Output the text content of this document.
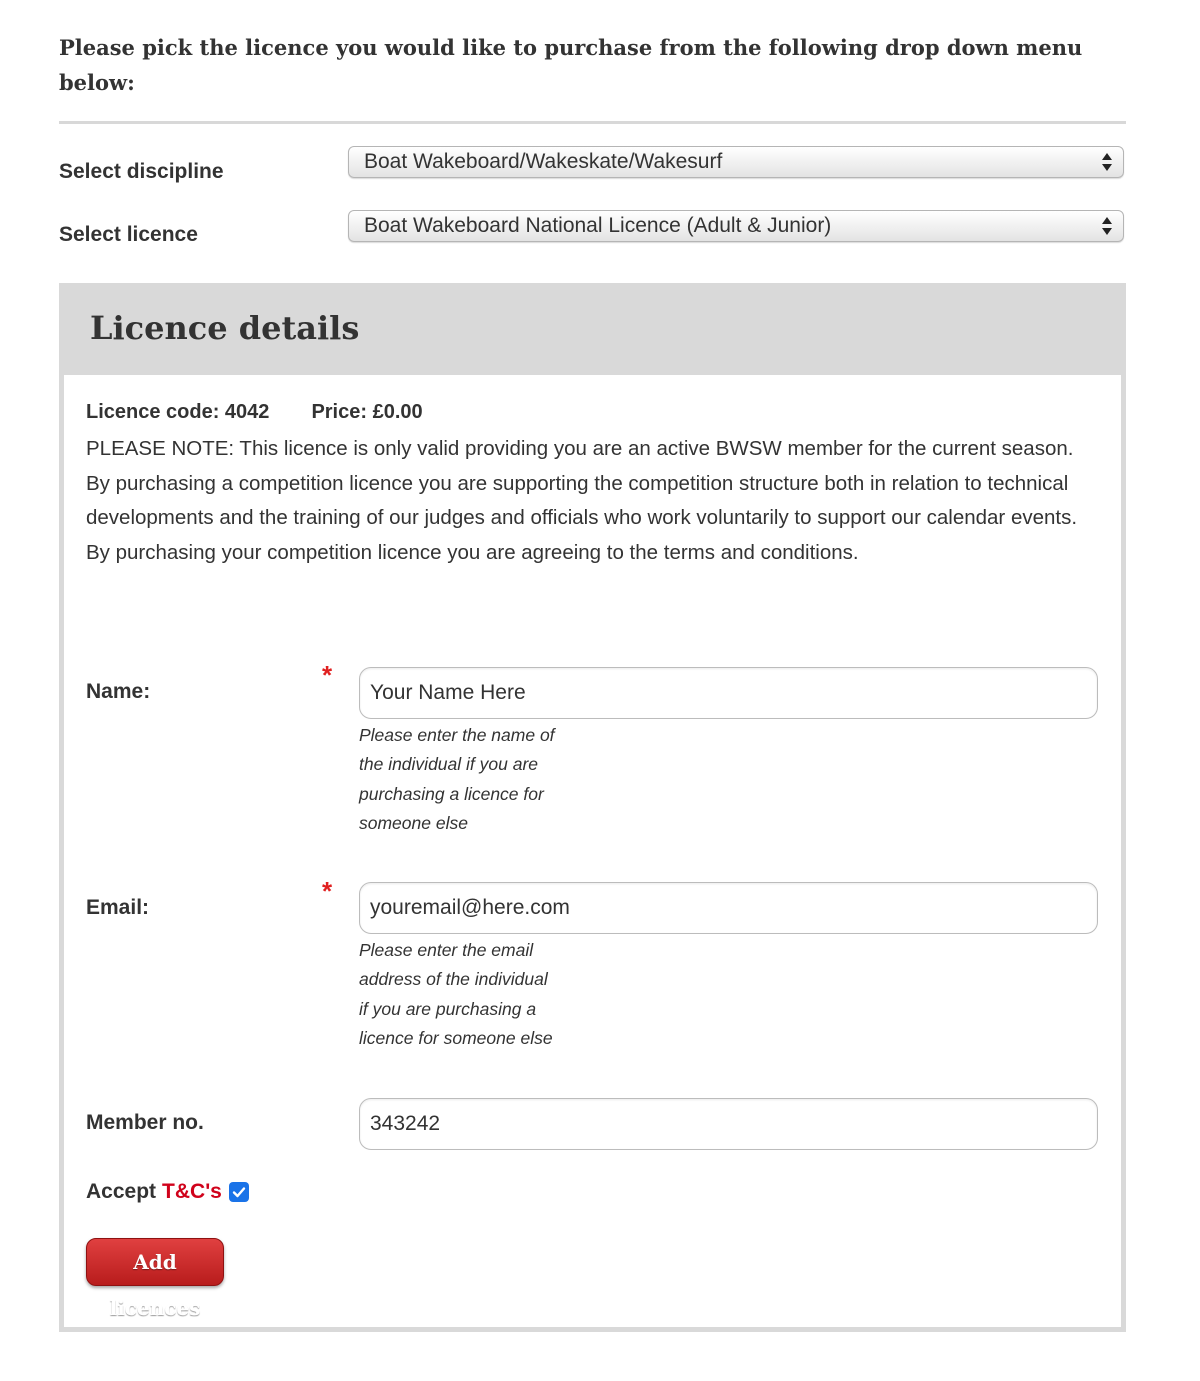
Please pick the licence you would like to purchase from the following drop down menu below:

Select discipline	Boat Wakeboard/Wakeskate/Wakesurf
Select licence	Boat Wakeboard National Licence (Adult & Junior)
Licence details
Licence code: 4042 Price: £0.00

PLEASE NOTE: This licence is only valid providing you are an active BWSW member for the current season. By purchasing a competition licence you are supporting the competition structure both in relation to technical developments and the training of our judges and officials who work voluntarily to support our calendar events. By purchasing your competition licence you are agreeing to the terms and conditions.

Name:
*
Your Name Here

Please enter the name of the individual if you are purchasing a licence for someone else

Email:
*
youremail@here.com

Please enter the email address of the individual if you are purchasing a licence for someone else

Member no.
343242
Accept T&C's
Add licences
